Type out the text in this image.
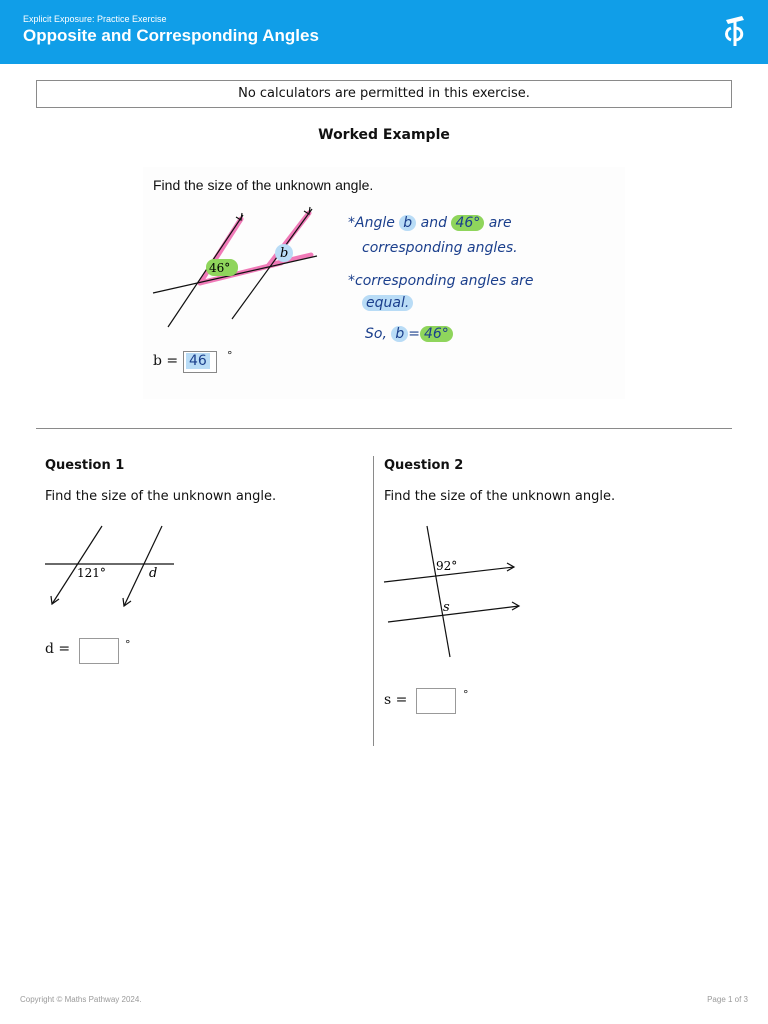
Explicit Exposure: Practice Exercise
Opposite and Corresponding Angles
No calculators are permitted in this exercise.
Worked Example
Find the size of the unknown angle.
46°
b
*Angle b and 46° are
corresponding angles.
*corresponding angles are
equal.
So, b = 46°
b = 46 °
Question 1
Find the size of the unknown angle.
121°	d
d =	°
Question 2
Find the size of the unknown angle.
92°
s
s =	°
Copyright © Maths Pathway 2024.	Page 1 of 3
